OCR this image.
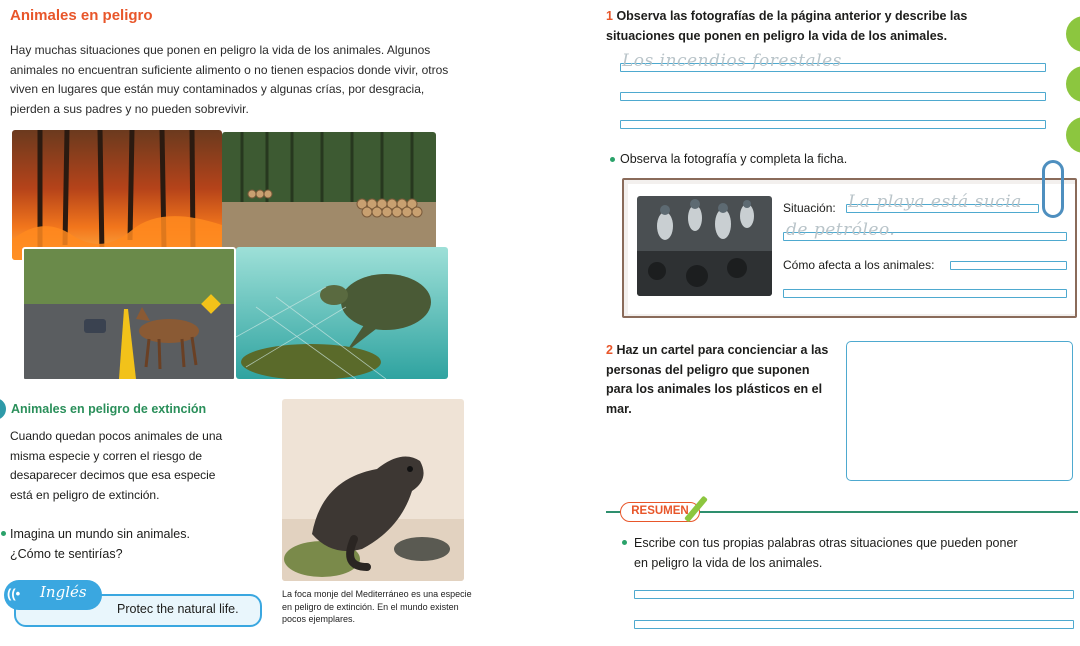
Animales en peligro
Hay muchas situaciones que ponen en peligro la vida de los animales. Algunos animales no encuentran suficiente alimento o no tienen espacios donde vivir, otros viven en lugares que están muy contaminados y algunas crías, por desgracia, pierden a sus padres y no pueden sobrevivir.
Animales en peligro de extinción
Cuando quedan pocos animales de una misma especie y corren el riesgo de desaparecer decimos que esa especie está en peligro de extinción.
Imagina un mundo sin animales.
¿Cómo te sentirías?
((• Inglés
Protec the natural life.
La foca monje del Mediterráneo es una especie en peligro de extinción. En el mundo existen pocos ejemplares.
1 Observa las fotografías de la página anterior y describe las situaciones que ponen en peligro la vida de los animales.
Los incendios forestales
Observa la fotografía y completa la ficha.
Situación: La playa está sucia
de petróleo.
Cómo afecta a los animales:
2 Haz un cartel para concienciar a las personas del peligro que suponen para los animales los plásticos en el mar.
RESUMEN
Escribe con tus propias palabras otras situaciones que pueden poner en peligro la vida de los animales.
